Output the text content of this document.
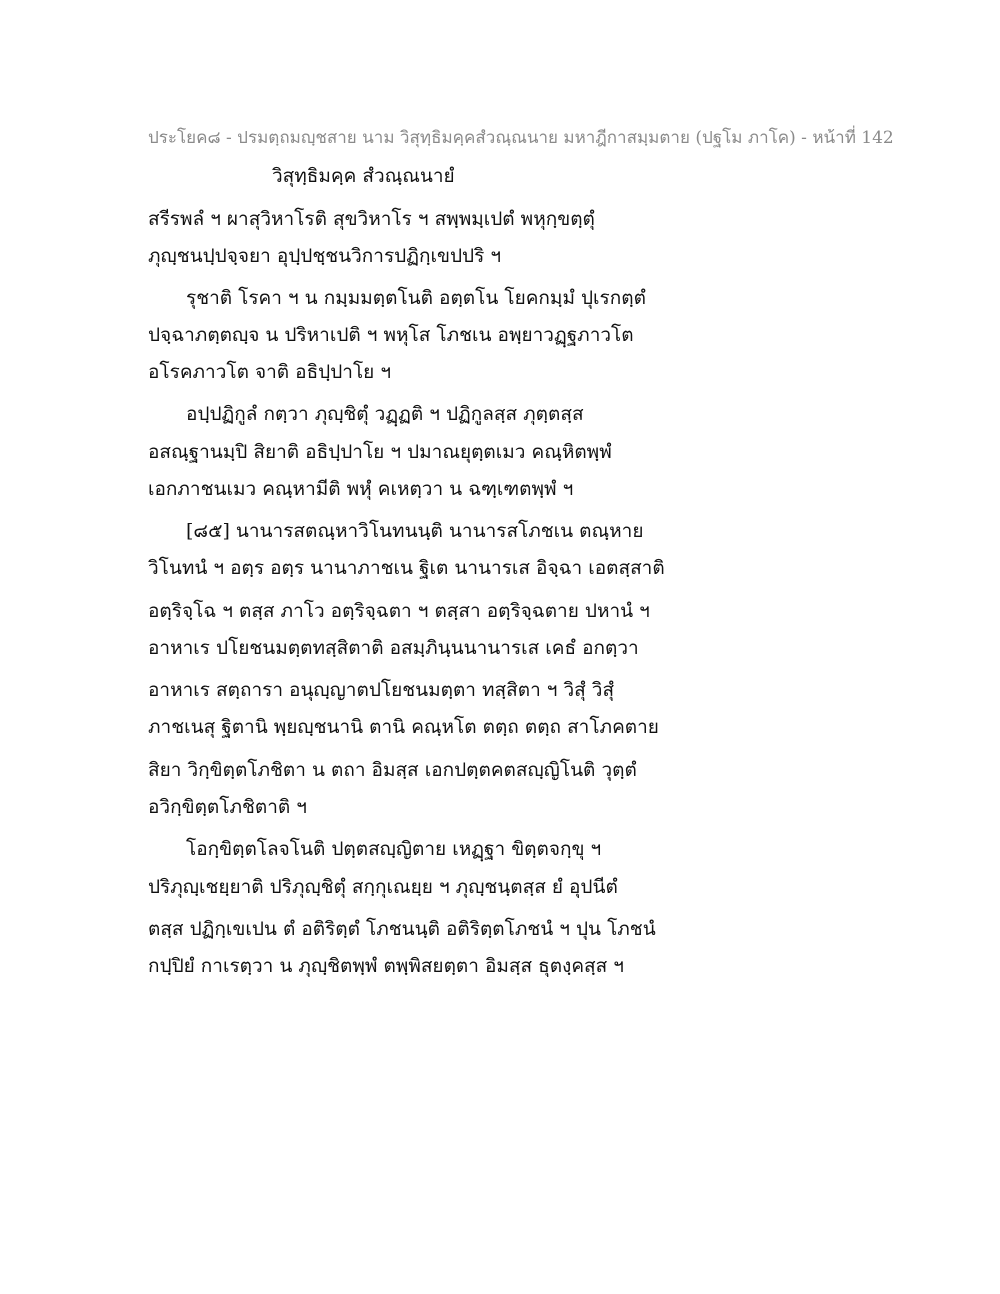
ประโยค๘ - ปรมตฺถมญฺชสาย นาม วิสุทฺธิมคฺคสํวณฺณนาย มหาฎีกาสมฺมตาย (ปฐโม ภาโค) - หน้าที่ 142
วิสุทฺธิมคฺค สํวณฺณนายํ
สรีรพลํ ฯ ผาสุวิหาโรติ สุขวิหาโร ฯ สพฺพมฺเปตํ พหุกฺขตฺตุํ
ภุญฺชนปฺปจฺจยา อุปฺปชฺชนวิการปฏิกฺเขปปริ ฯ
รุชาติ โรคา ฯ น กมฺมมตฺตโนติ อตฺตโน โยคกมฺมํ ปุเรกตฺตํ
ปจฺฉาภตฺตญฺจ น ปริหาเปติ ฯ พหุโส โภชเน อพฺยาวฏฺฐภาวโต
อโรคภาวโต จาติ อธิปฺปาโย ฯ
อปฺปฏิกูลํ กตฺวา ภุญฺชิตุํ วฏฺฏติ ฯ ปฏิกูลสฺส ภุตฺตสฺส
อสณฺฐานมฺปิ สิยาติ อธิปฺปาโย ฯ ปมาณยุตฺตเมว คณฺหิตพฺพํ
เอกภาชนเมว คณฺหามีติ พหุํ คเหตฺวา น ฉฑฺเฑตพฺพํ ฯ
[๘๕] นานารสตณฺหาวิโนทนนฺติ นานารสโภชเน ตณฺหาย
วิโนทนํ ฯ อตฺร อตฺร นานาภาชเน ฐิเต นานารเส อิจฺฉา เอตสฺสาติ
อตฺริจฺโฉ ฯ ตสฺส ภาโว อตฺริจฺฉตา ฯ ตสฺสา อตฺริจฺฉตาย ปหานํ ฯ
อาหาเร ปโยชนมตฺตทสฺสิตาติ อสมฺภินฺนนานารเส เคธํ อกตฺวา
อาหาเร สตฺถารา อนุญฺญาตปโยชนมตฺตา ทสฺสิตา ฯ วิสุํ วิสุํ
ภาชเนสุ ฐิตานิ พฺยญฺชนานิ ตานิ คณฺหโต ตตฺถ ตตฺถ สาโภคตาย
สิยา วิกฺขิตฺตโภชิตา น ตถา อิมสฺส เอกปตฺตคตสญฺญิโนติ วุตฺตํ
อวิกฺขิตฺตโภชิตาติ ฯ
โอกฺขิตฺตโลจโนติ ปตฺตสญฺญิตาย เหฏฺฐา ขิตฺตจกฺขุ ฯ
ปริภุญฺเชยฺยาติ ปริภุญฺชิตุํ สกฺกุเณยฺย ฯ ภุญฺชนฺตสฺส ยํ อุปนีตํ
ตสฺส ปฏิกฺเขเปน ตํ อติริตฺตํ โภชนนฺติ อติริตฺตโภชนํ ฯ ปุน โภชนํ
กปฺปิยํ กาเรตฺวา น ภุญฺชิตพฺพํ ตพฺพิสยตฺตา อิมสฺส ธุตงฺคสฺส ฯ
